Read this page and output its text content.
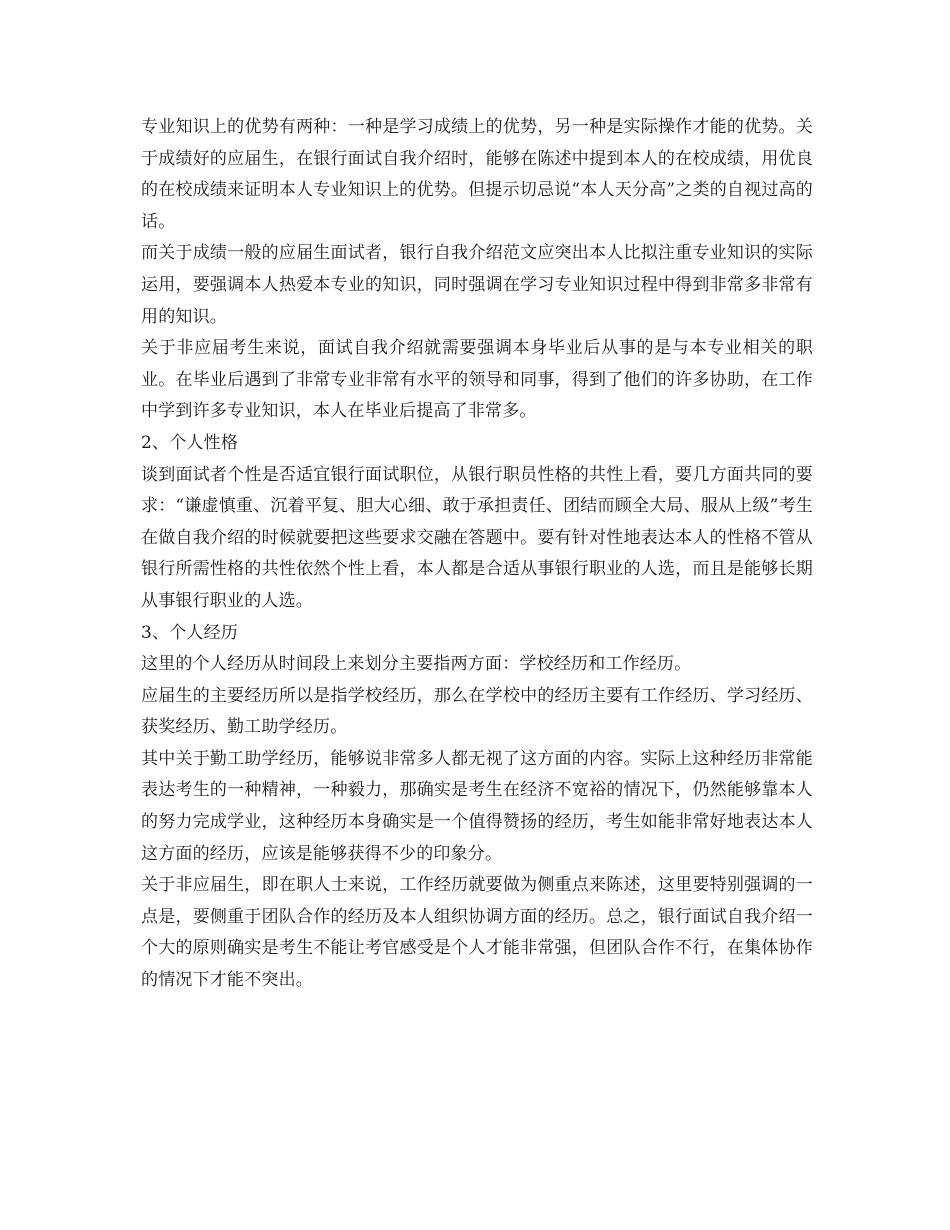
专业知识上的优势有两种：一种是学习成绩上的优势，另一种是实际操作才能的优势。关于成绩好的应届生，在银行面试自我介绍时，能够在陈述中提到本人的在校成绩，用优良的在校成绩来证明本人专业知识上的优势。但提示切忌说“本人天分高”之类的自视过高的话。

而关于成绩一般的应届生面试者，银行自我介绍范文应突出本人比拟注重专业知识的实际运用，要强调本人热爱本专业的知识，同时强调在学习专业知识过程中得到非常多非常有用的知识。

关于非应届考生来说，面试自我介绍就需要强调本身毕业后从事的是与本专业相关的职业。在毕业后遇到了非常专业非常有水平的领导和同事，得到了他们的许多协助，在工作中学到许多专业知识，本人在毕业后提高了非常多。

2、个人性格

谈到面试者个性是否适宜银行面试职位，从银行职员性格的共性上看，要几方面共同的要求：“谦虚慎重、沉着平复、胆大心细、敢于承担责任、团结而顾全大局、服从上级”考生在做自我介绍的时候就要把这些要求交融在答题中。要有针对性地表达本人的性格不管从银行所需性格的共性依然个性上看，本人都是合适从事银行职业的人选，而且是能够长期从事银行职业的人选。

3、个人经历

这里的个人经历从时间段上来划分主要指两方面：学校经历和工作经历。

应届生的主要经历所以是指学校经历，那么在学校中的经历主要有工作经历、学习经历、获奖经历、勤工助学经历。

其中关于勤工助学经历，能够说非常多人都无视了这方面的内容。实际上这种经历非常能表达考生的一种精神，一种毅力，那确实是考生在经济不宽裕的情况下，仍然能够靠本人的努力完成学业，这种经历本身确实是一个值得赞扬的经历，考生如能非常好地表达本人这方面的经历，应该是能够获得不少的印象分。

关于非应届生，即在职人士来说，工作经历就要做为侧重点来陈述，这里要特别强调的一点是，要侧重于团队合作的经历及本人组织协调方面的经历。总之，银行面试自我介绍一个大的原则确实是考生不能让考官感受是个人才能非常强，但团队合作不行，在集体协作的情况下才能不突出。
